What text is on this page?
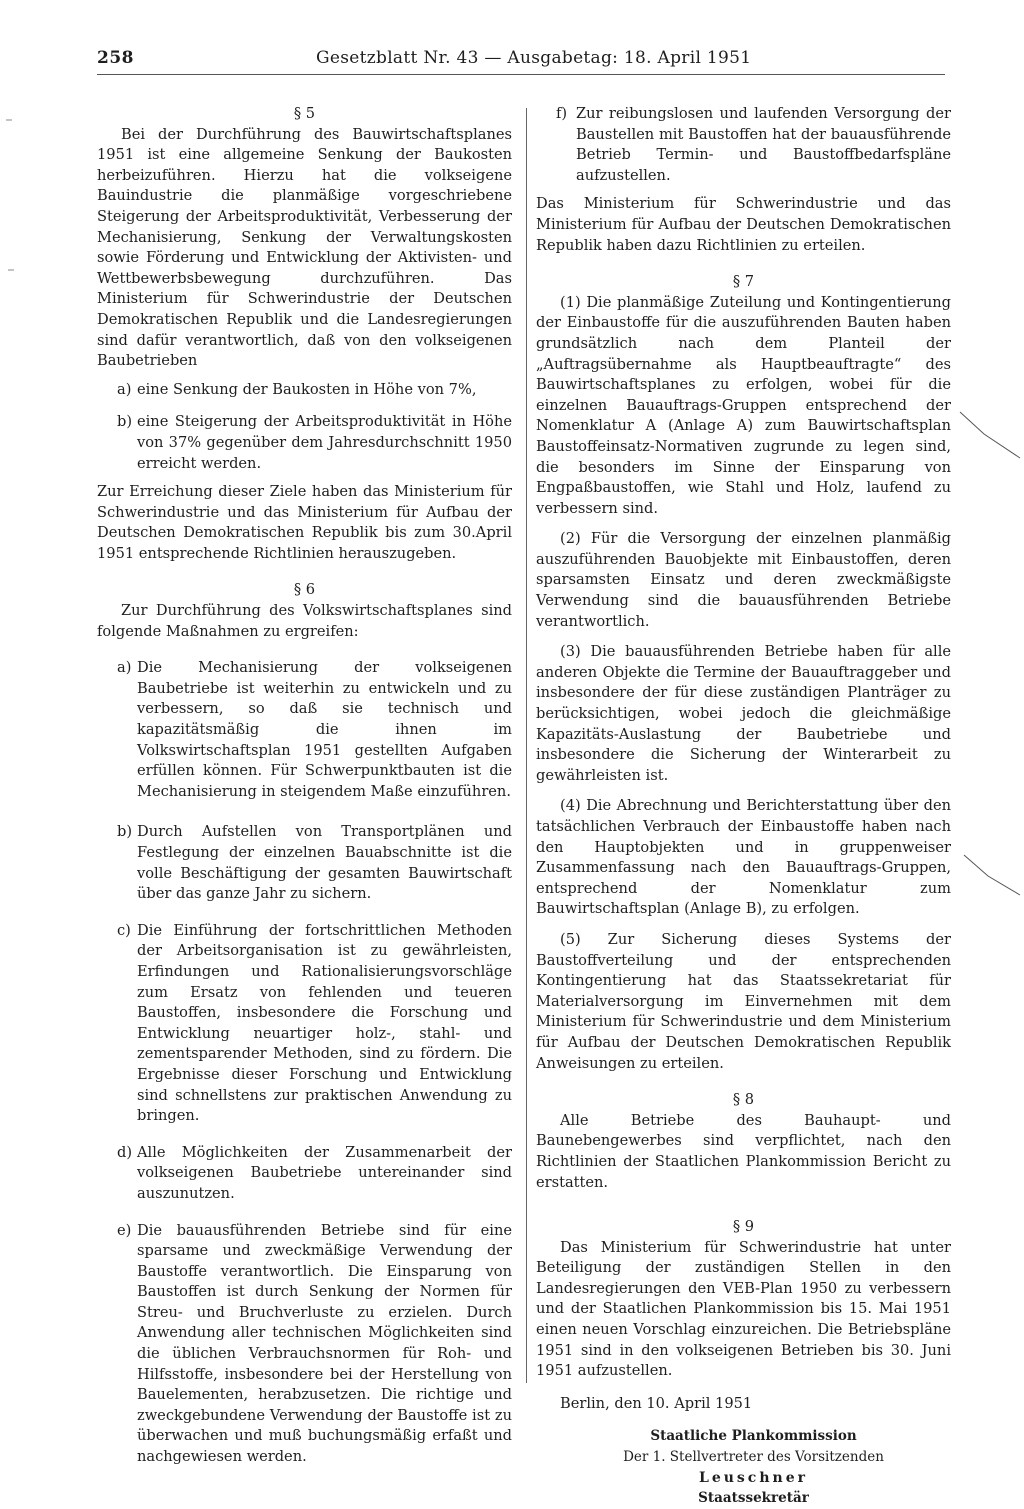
258	Gesetzblatt Nr. 43 — Ausgabetag: 18. April 1951

§ 5

Bei der Durchführung des Bauwirtschaftsplanes 1951 ist eine allgemeine Senkung der Baukosten herbeizuführen. Hierzu hat die volkseigene Bauindustrie die planmäßige vorgeschriebene Steigerung der Arbeitsproduktivität, Verbesserung der Mechanisierung, Senkung der Verwaltungskosten sowie Förderung und Entwicklung der Aktivisten- und Wettbewerbsbewegung durchzuführen. Das Ministerium für Schwerindustrie der Deutschen Demokratischen Republik und die Landesregierungen sind dafür verantwortlich, daß von den volkseigenen Baubetrieben

a) eine Senkung der Baukosten in Höhe von 7%,

b) eine Steigerung der Arbeitsproduktivität in Höhe von 37% gegenüber dem Jahresdurchschnitt 1950 erreicht werden.

Zur Erreichung dieser Ziele haben das Ministerium für Schwerindustrie und das Ministerium für Aufbau der Deutschen Demokratischen Republik bis zum 30.April 1951 entsprechende Richtlinien herauszugeben.

§ 6

Zur Durchführung des Volkswirtschaftsplanes sind folgende Maßnahmen zu ergreifen:

a) Die Mechanisierung der volkseigenen Baubetriebe ist weiterhin zu entwickeln und zu verbessern, so daß sie technisch und kapazitätsmäßig die ihnen im Volkswirtschaftsplan 1951 gestellten Aufgaben erfüllen können. Für Schwerpunktbauten ist die Mechanisierung in steigendem Maße einzuführen.

b) Durch Aufstellen von Transportplänen und Festlegung der einzelnen Bauabschnitte ist die volle Beschäftigung der gesamten Bauwirtschaft über das ganze Jahr zu sichern.

c) Die Einführung der fortschrittlichen Methoden der Arbeitsorganisation ist zu gewährleisten, Erfindungen und Rationalisierungsvorschläge zum Ersatz von fehlenden und teueren Baustoffen, insbesondere die Forschung und Entwicklung neuartiger holz-, stahl- und zementsparender Methoden, sind zu fördern. Die Ergebnisse dieser Forschung und Entwicklung sind schnellstens zur praktischen Anwendung zu bringen.

d) Alle Möglichkeiten der Zusammenarbeit der volkseigenen Baubetriebe untereinander sind auszunutzen.

e) Die bauausführenden Betriebe sind für eine sparsame und zweckmäßige Verwendung der Baustoffe verantwortlich. Die Einsparung von Baustoffen ist durch Senkung der Normen für Streu- und Bruchverluste zu erzielen. Durch Anwendung aller technischen Möglichkeiten sind die üblichen Verbrauchsnormen für Roh- und Hilfsstoffe, insbesondere bei der Herstellung von Bauelementen, herabzusetzen. Die richtige und zweckgebundene Verwendung der Baustoffe ist zu überwachen und muß buchungsmäßig erfaßt und nachgewiesen werden.

f) Zur reibungslosen und laufenden Versorgung der Baustellen mit Baustoffen hat der bauausführende Betrieb Termin- und Baustoffbedarfspläne aufzustellen.

Das Ministerium für Schwerindustrie und das Ministerium für Aufbau der Deutschen Demokratischen Republik haben dazu Richtlinien zu erteilen.

§ 7

(1) Die planmäßige Zuteilung und Kontingentierung der Einbaustoffe für die auszuführenden Bauten haben grundsätzlich nach dem Planteil der „Auftragsübernahme als Hauptbeauftragte“ des Bauwirtschaftsplanes zu erfolgen, wobei für die einzelnen Bauauftrags-Gruppen entsprechend der Nomenklatur A (Anlage A) zum Bauwirtschaftsplan Baustoffeinsatz-Normativen zugrunde zu legen sind, die besonders im Sinne der Einsparung von Engpaßbaustoffen, wie Stahl und Holz, laufend zu verbessern sind.

(2) Für die Versorgung der einzelnen planmäßig auszuführenden Bauobjekte mit Einbaustoffen, deren sparsamsten Einsatz und deren zweckmäßigste Verwendung sind die bauausführenden Betriebe verantwortlich.

(3) Die bauausführenden Betriebe haben für alle anderen Objekte die Termine der Bauauftraggeber und insbesondere der für diese zuständigen Planträger zu berücksichtigen, wobei jedoch die gleichmäßige Kapazitäts-Auslastung der Baubetriebe und insbesondere die Sicherung der Winterarbeit zu gewährleisten ist.

(4) Die Abrechnung und Berichterstattung über den tatsächlichen Verbrauch der Einbaustoffe haben nach den Hauptobjekten und in gruppenweiser Zusammenfassung nach den Bauauftrags-Gruppen, entsprechend der Nomenklatur zum Bauwirtschaftsplan (Anlage B), zu erfolgen.

(5) Zur Sicherung dieses Systems der Baustoffverteilung und der entsprechenden Kontingentierung hat das Staatssekretariat für Materialversorgung im Einvernehmen mit dem Ministerium für Schwerindustrie und dem Ministerium für Aufbau der Deutschen Demokratischen Republik Anweisungen zu erteilen.

§ 8

Alle Betriebe des Bauhaupt- und Baunebengewerbes sind verpflichtet, nach den Richtlinien der Staatlichen Plankommission Bericht zu erstatten.

§ 9

Das Ministerium für Schwerindustrie hat unter Beteiligung der zuständigen Stellen in den Landesregierungen den VEB-Plan 1950 zu verbessern und der Staatlichen Plankommission bis 15. Mai 1951 einen neuen Vorschlag einzureichen. Die Betriebspläne 1951 sind in den volkseigenen Betrieben bis 30. Juni 1951 aufzustellen.

Berlin, den 10. April 1951

Staatliche Plankommission

Der 1. Stellvertreter des Vorsitzenden

Leuschner

Staatssekretär
